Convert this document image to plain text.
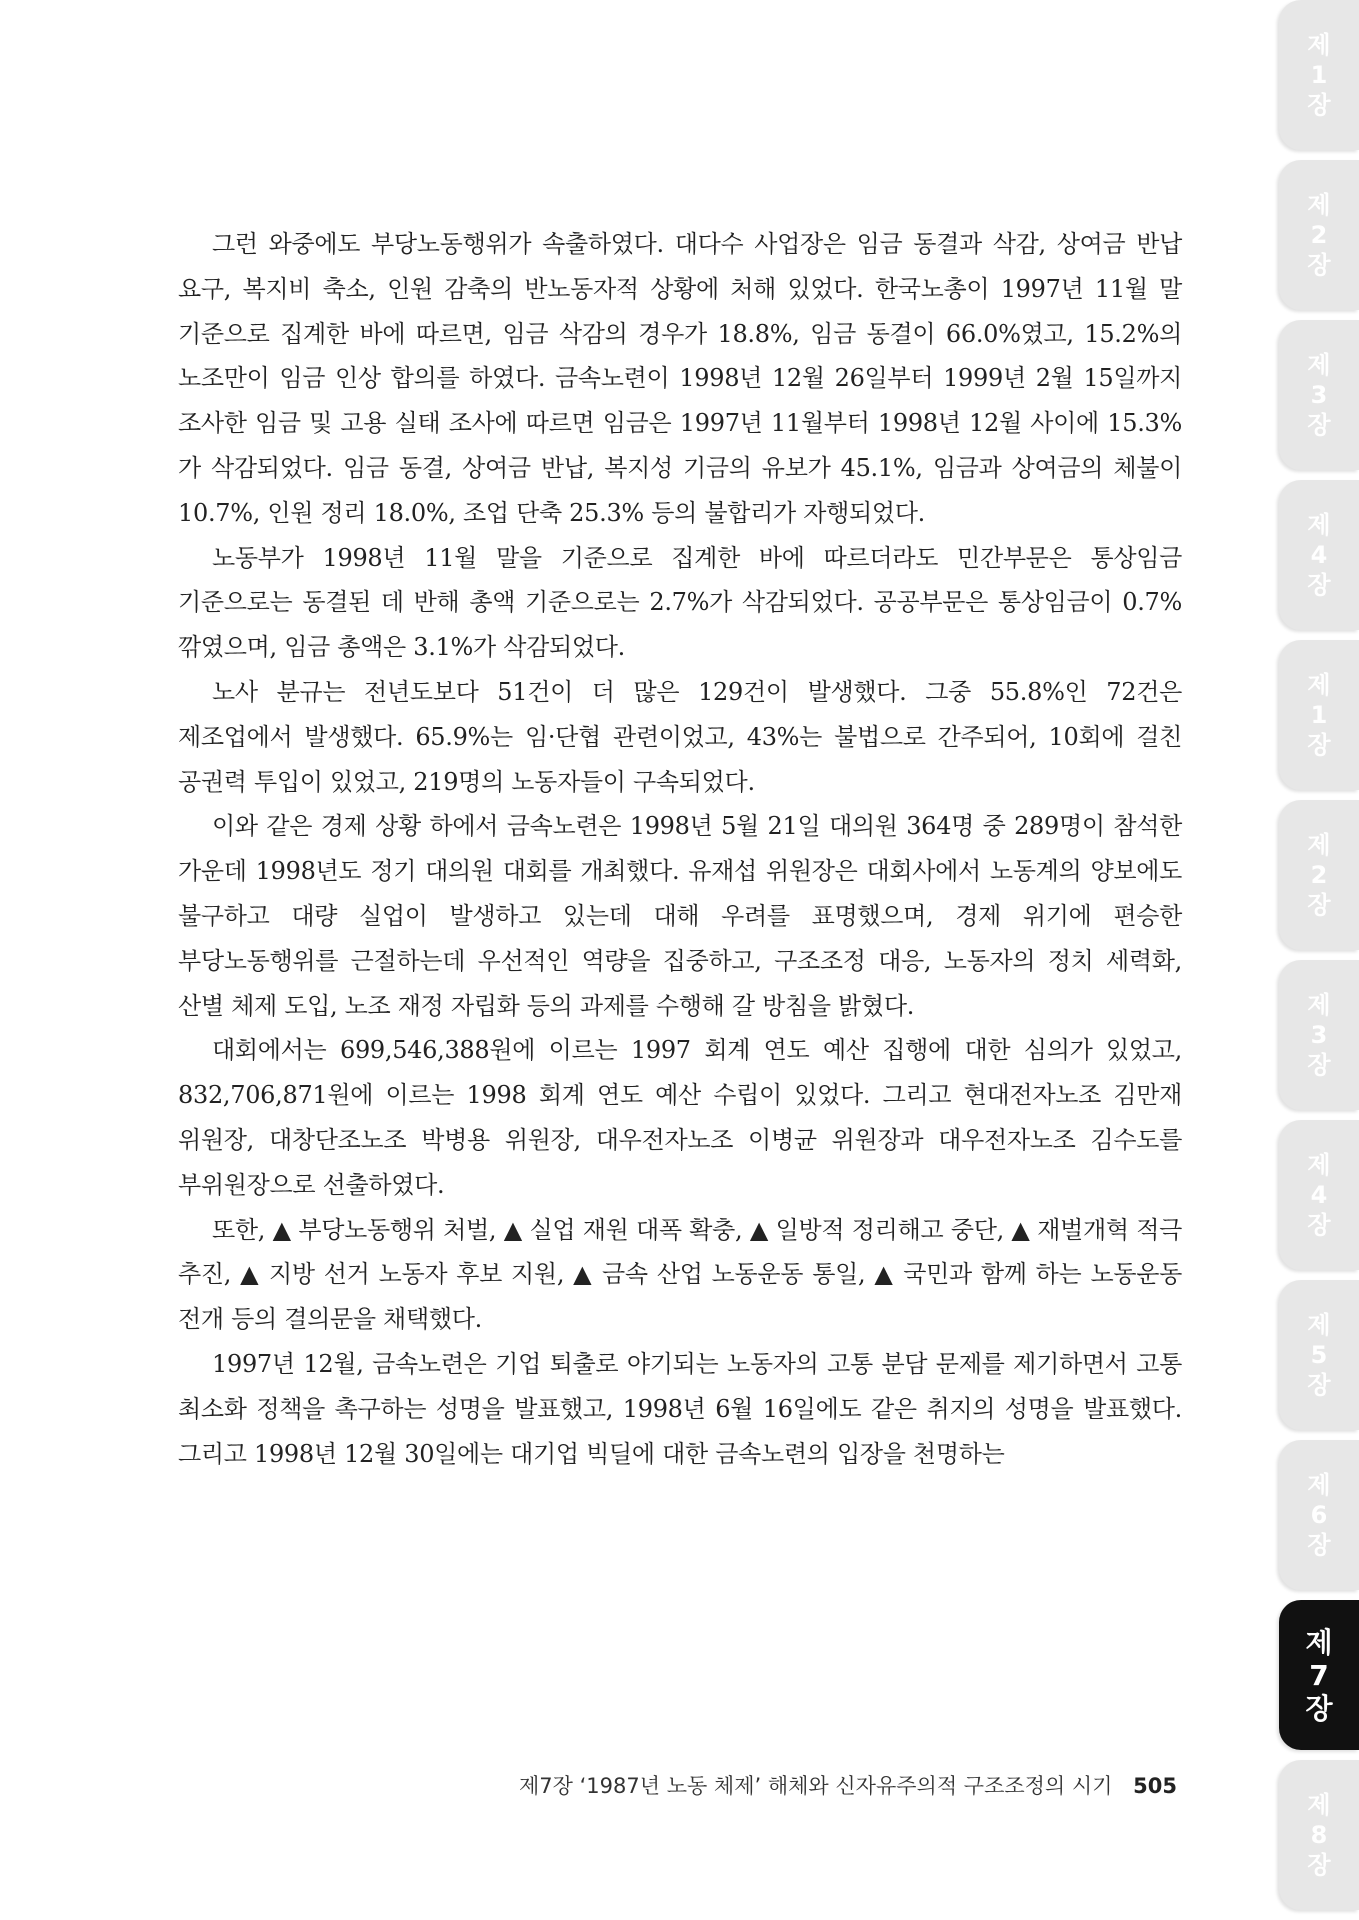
그런 와중에도 부당노동행위가 속출하였다. 대다수 사업장은 임금 동결과 삭감, 상여금 반납 요구, 복지비 축소, 인원 감축의 반노동자적 상황에 처해 있었다. 한국노총이 1997년 11월 말 기준으로 집계한 바에 따르면, 임금 삭감의 경우가 18.8%, 임금 동결이 66.0%였고, 15.2%의 노조만이 임금 인상 합의를 하였다. 금속노련이 1998년 12월 26일부터 1999년 2월 15일까지 조사한 임금 및 고용 실태 조사에 따르면 임금은 1997년 11월부터 1998년 12월 사이에 15.3%가 삭감되었다. 임금 동결, 상여금 반납, 복지성 기금의 유보가 45.1%, 임금과 상여금의 체불이 10.7%, 인원 정리 18.0%, 조업 단축 25.3% 등의 불합리가 자행되었다.

노동부가 1998년 11월 말을 기준으로 집계한 바에 따르더라도 민간부문은 통상임금 기준으로는 동결된 데 반해 총액 기준으로는 2.7%가 삭감되었다. 공공부문은 통상임금이 0.7% 깎였으며, 임금 총액은 3.1%가 삭감되었다.

노사 분규는 전년도보다 51건이 더 많은 129건이 발생했다. 그중 55.8%인 72건은 제조업에서 발생했다. 65.9%는 임·단협 관련이었고, 43%는 불법으로 간주되어, 10회에 걸친 공권력 투입이 있었고, 219명의 노동자들이 구속되었다.

이와 같은 경제 상황 하에서 금속노련은 1998년 5월 21일 대의원 364명 중 289명이 참석한 가운데 1998년도 정기 대의원 대회를 개최했다. 유재섭 위원장은 대회사에서 노동계의 양보에도 불구하고 대량 실업이 발생하고 있는데 대해 우려를 표명했으며, 경제 위기에 편승한 부당노동행위를 근절하는데 우선적인 역량을 집중하고, 구조조정 대응, 노동자의 정치 세력화, 산별 체제 도입, 노조 재정 자립화 등의 과제를 수행해 갈 방침을 밝혔다.

대회에서는 699,546,388원에 이르는 1997 회계 연도 예산 집행에 대한 심의가 있었고, 832,706,871원에 이르는 1998 회계 연도 예산 수립이 있었다. 그리고 현대전자노조 김만재 위원장, 대창단조노조 박병용 위원장, 대우전자노조 이병균 위원장과 대우전자노조 김수도를 부위원장으로 선출하였다.

또한, ▲ 부당노동행위 처벌, ▲ 실업 재원 대폭 확충, ▲ 일방적 정리해고 중단, ▲ 재벌개혁 적극 추진, ▲ 지방 선거 노동자 후보 지원, ▲ 금속 산업 노동운동 통일, ▲ 국민과 함께 하는 노동운동 전개 등의 결의문을 채택했다.

1997년 12월, 금속노련은 기업 퇴출로 야기되는 노동자의 고통 분담 문제를 제기하면서 고통 최소화 정책을 촉구하는 성명을 발표했고, 1998년 6월 16일에도 같은 취지의 성명을 발표했다. 그리고 1998년 12월 30일에는 대기업 빅딜에 대한 금속노련의 입장을 천명하는

제7장 ‘1987년 노동 체제’ 해체와 신자유주의적 구조조정의 시기 505
제
1
장
제
2
장
제
3
장
제
4
장
제
1
장
제
2
장
제
3
장
제
4
장
제
5
장
제
6
장
제
7
장
제
8
장
